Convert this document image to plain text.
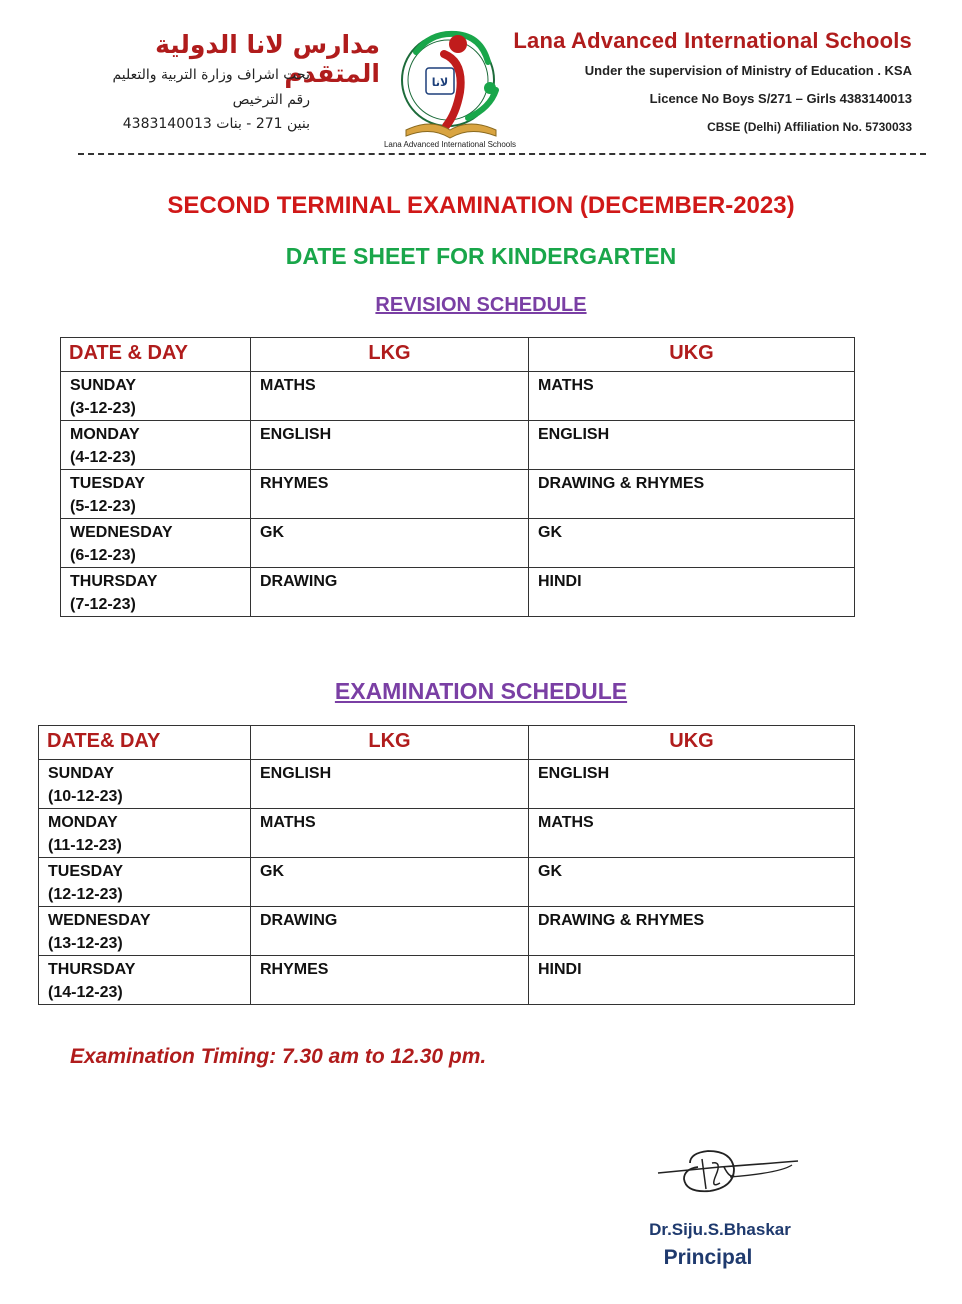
مدارس لانا الدولية المتقدم
تحت اشراف وزارة التربية والتعليم
رقم الترخيص
بنين 271 - بنات 4383140013
لانا
Lana Advanced International Schools
Lana Advanced International Schools
Under the supervision of Ministry of Education . KSA
Licence No Boys S/271 – Girls 4383140013
CBSE (Delhi) Affiliation No. 5730033
SECOND TERMINAL EXAMINATION (DECEMBER-2023)
DATE SHEET FOR KINDERGARTEN
REVISION SCHEDULE
DATE & DAY	LKG	UKG

SUNDAY
(3-12-23)	MATHS	MATHS

MONDAY
(4-12-23)	ENGLISH	ENGLISH

TUESDAY
(5-12-23)	RHYMES	DRAWING & RHYMES

WEDNESDAY
(6-12-23)	GK	GK

THURSDAY
(7-12-23)	DRAWING	HINDI
EXAMINATION SCHEDULE
DATE& DAY	LKG	UKG

SUNDAY
(10-12-23)	ENGLISH	ENGLISH

MONDAY
(11-12-23)	MATHS	MATHS

TUESDAY
(12-12-23)	GK	GK

WEDNESDAY
(13-12-23)	DRAWING	DRAWING & RHYMES

THURSDAY
(14-12-23)	RHYMES	HINDI
Examination Timing: 7.30 am to 12.30 pm.
Dr.Siju.S.Bhaskar
Principal
